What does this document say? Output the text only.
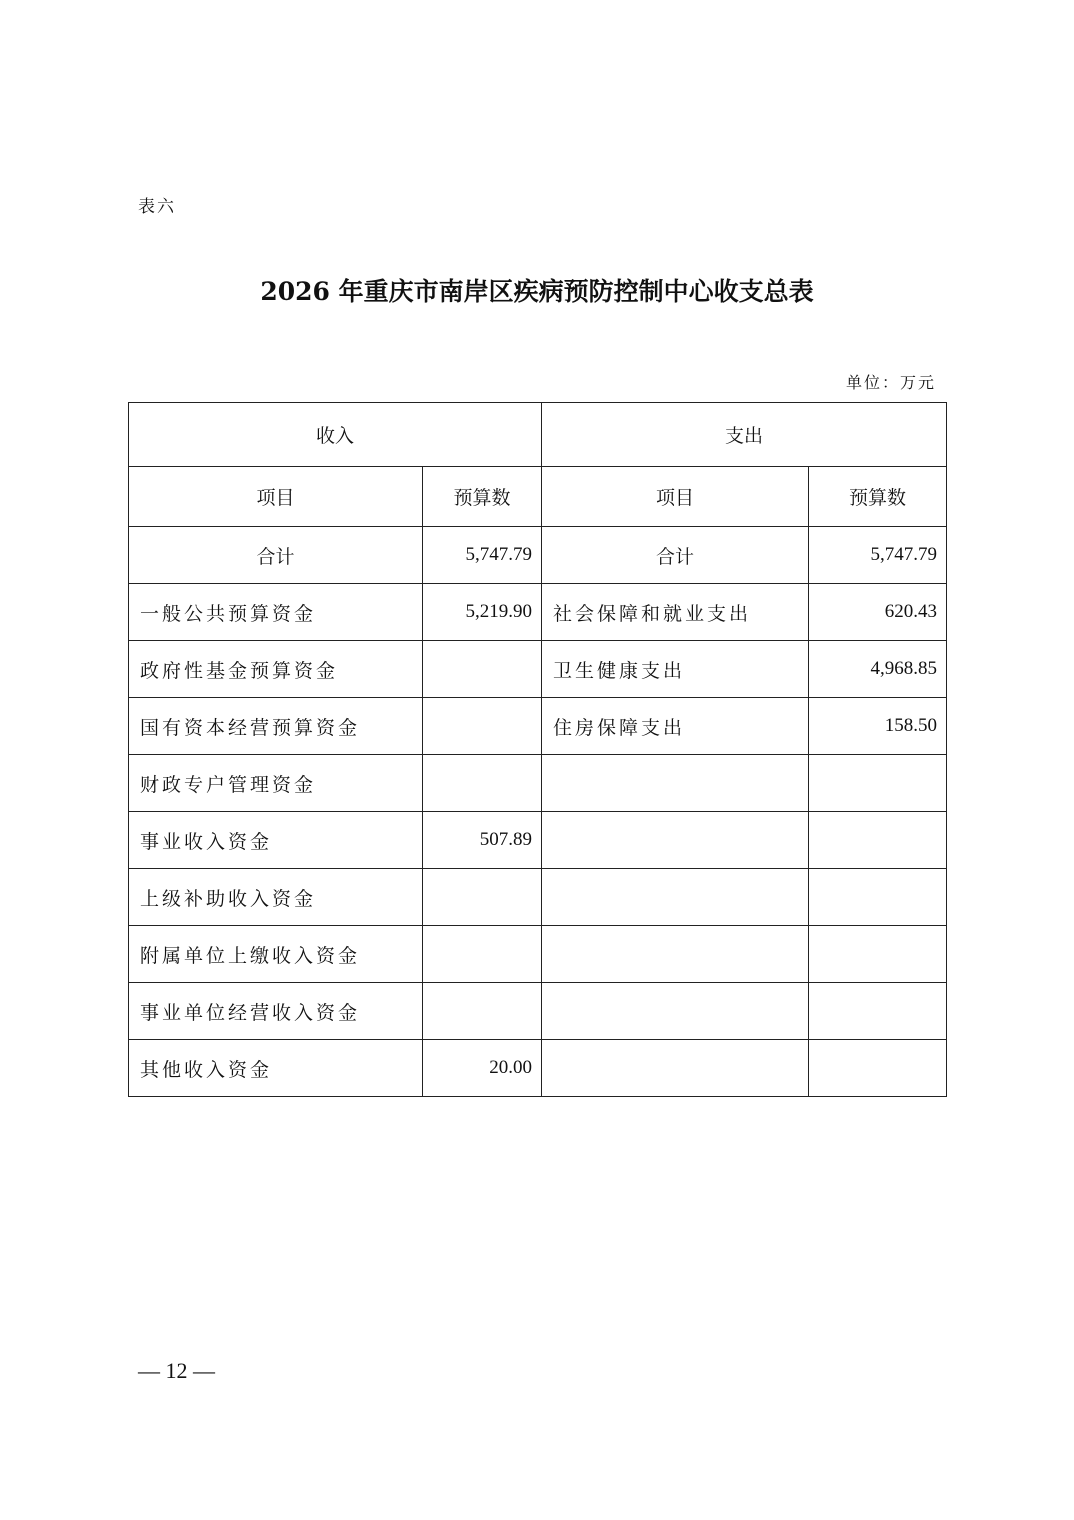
表六
2026 年重庆市南岸区疾病预防控制中心收支总表
单位：万元
收入		支出	
项目	预算数	项目	预算数
合计	5,747.79	合计	5,747.79
一般公共预算资金	5,219.90	社会保障和就业支出	620.43
政府性基金预算资金		卫生健康支出	4,968.85
国有资本经营预算资金		住房保障支出	158.50
财政专户管理资金			
事业收入资金	507.89		
上级补助收入资金			
附属单位上缴收入资金			
事业单位经营收入资金			
其他收入资金	20.00		
— 12 —
